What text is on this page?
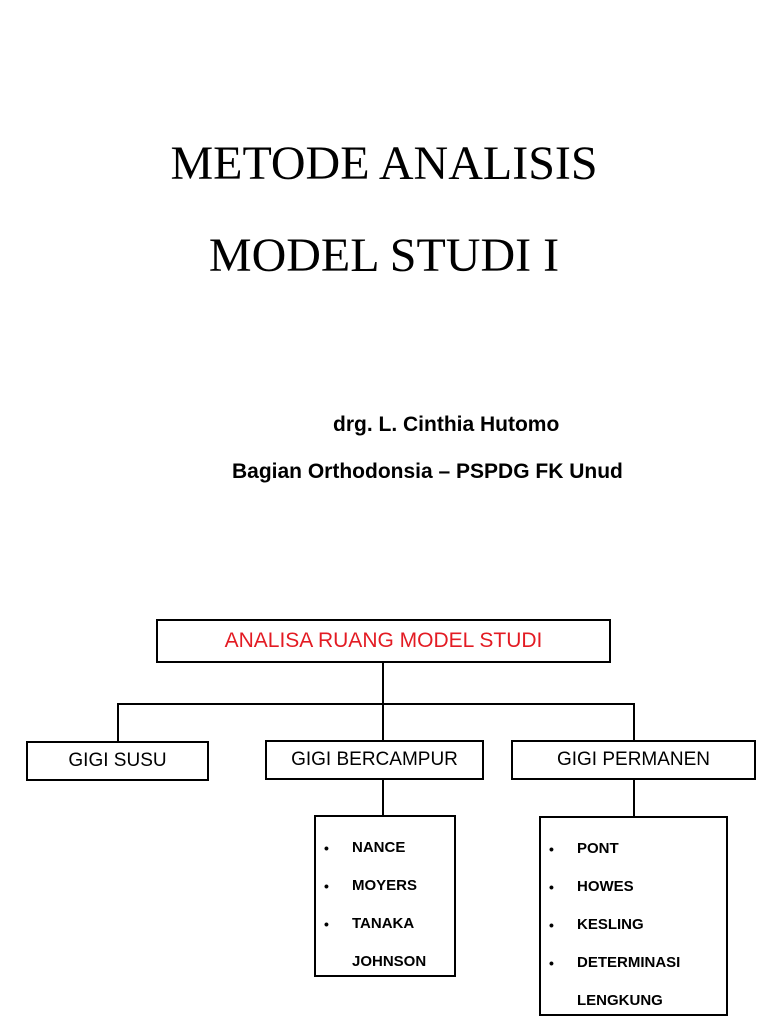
METODE ANALISIS
MODEL STUDI I
drg. L. Cinthia Hutomo
Bagian Orthodonsia – PSPDG FK Unud
ANALISA RUANG MODEL STUDI
GIGI SUSU	GIGI BERCAMPUR	GIGI PERMANEN
• NANCE
• MOYERS
• TANAKA
JOHNSON
• PONT
• HOWES
• KESLING
• DETERMINASI
LENGKUNG
